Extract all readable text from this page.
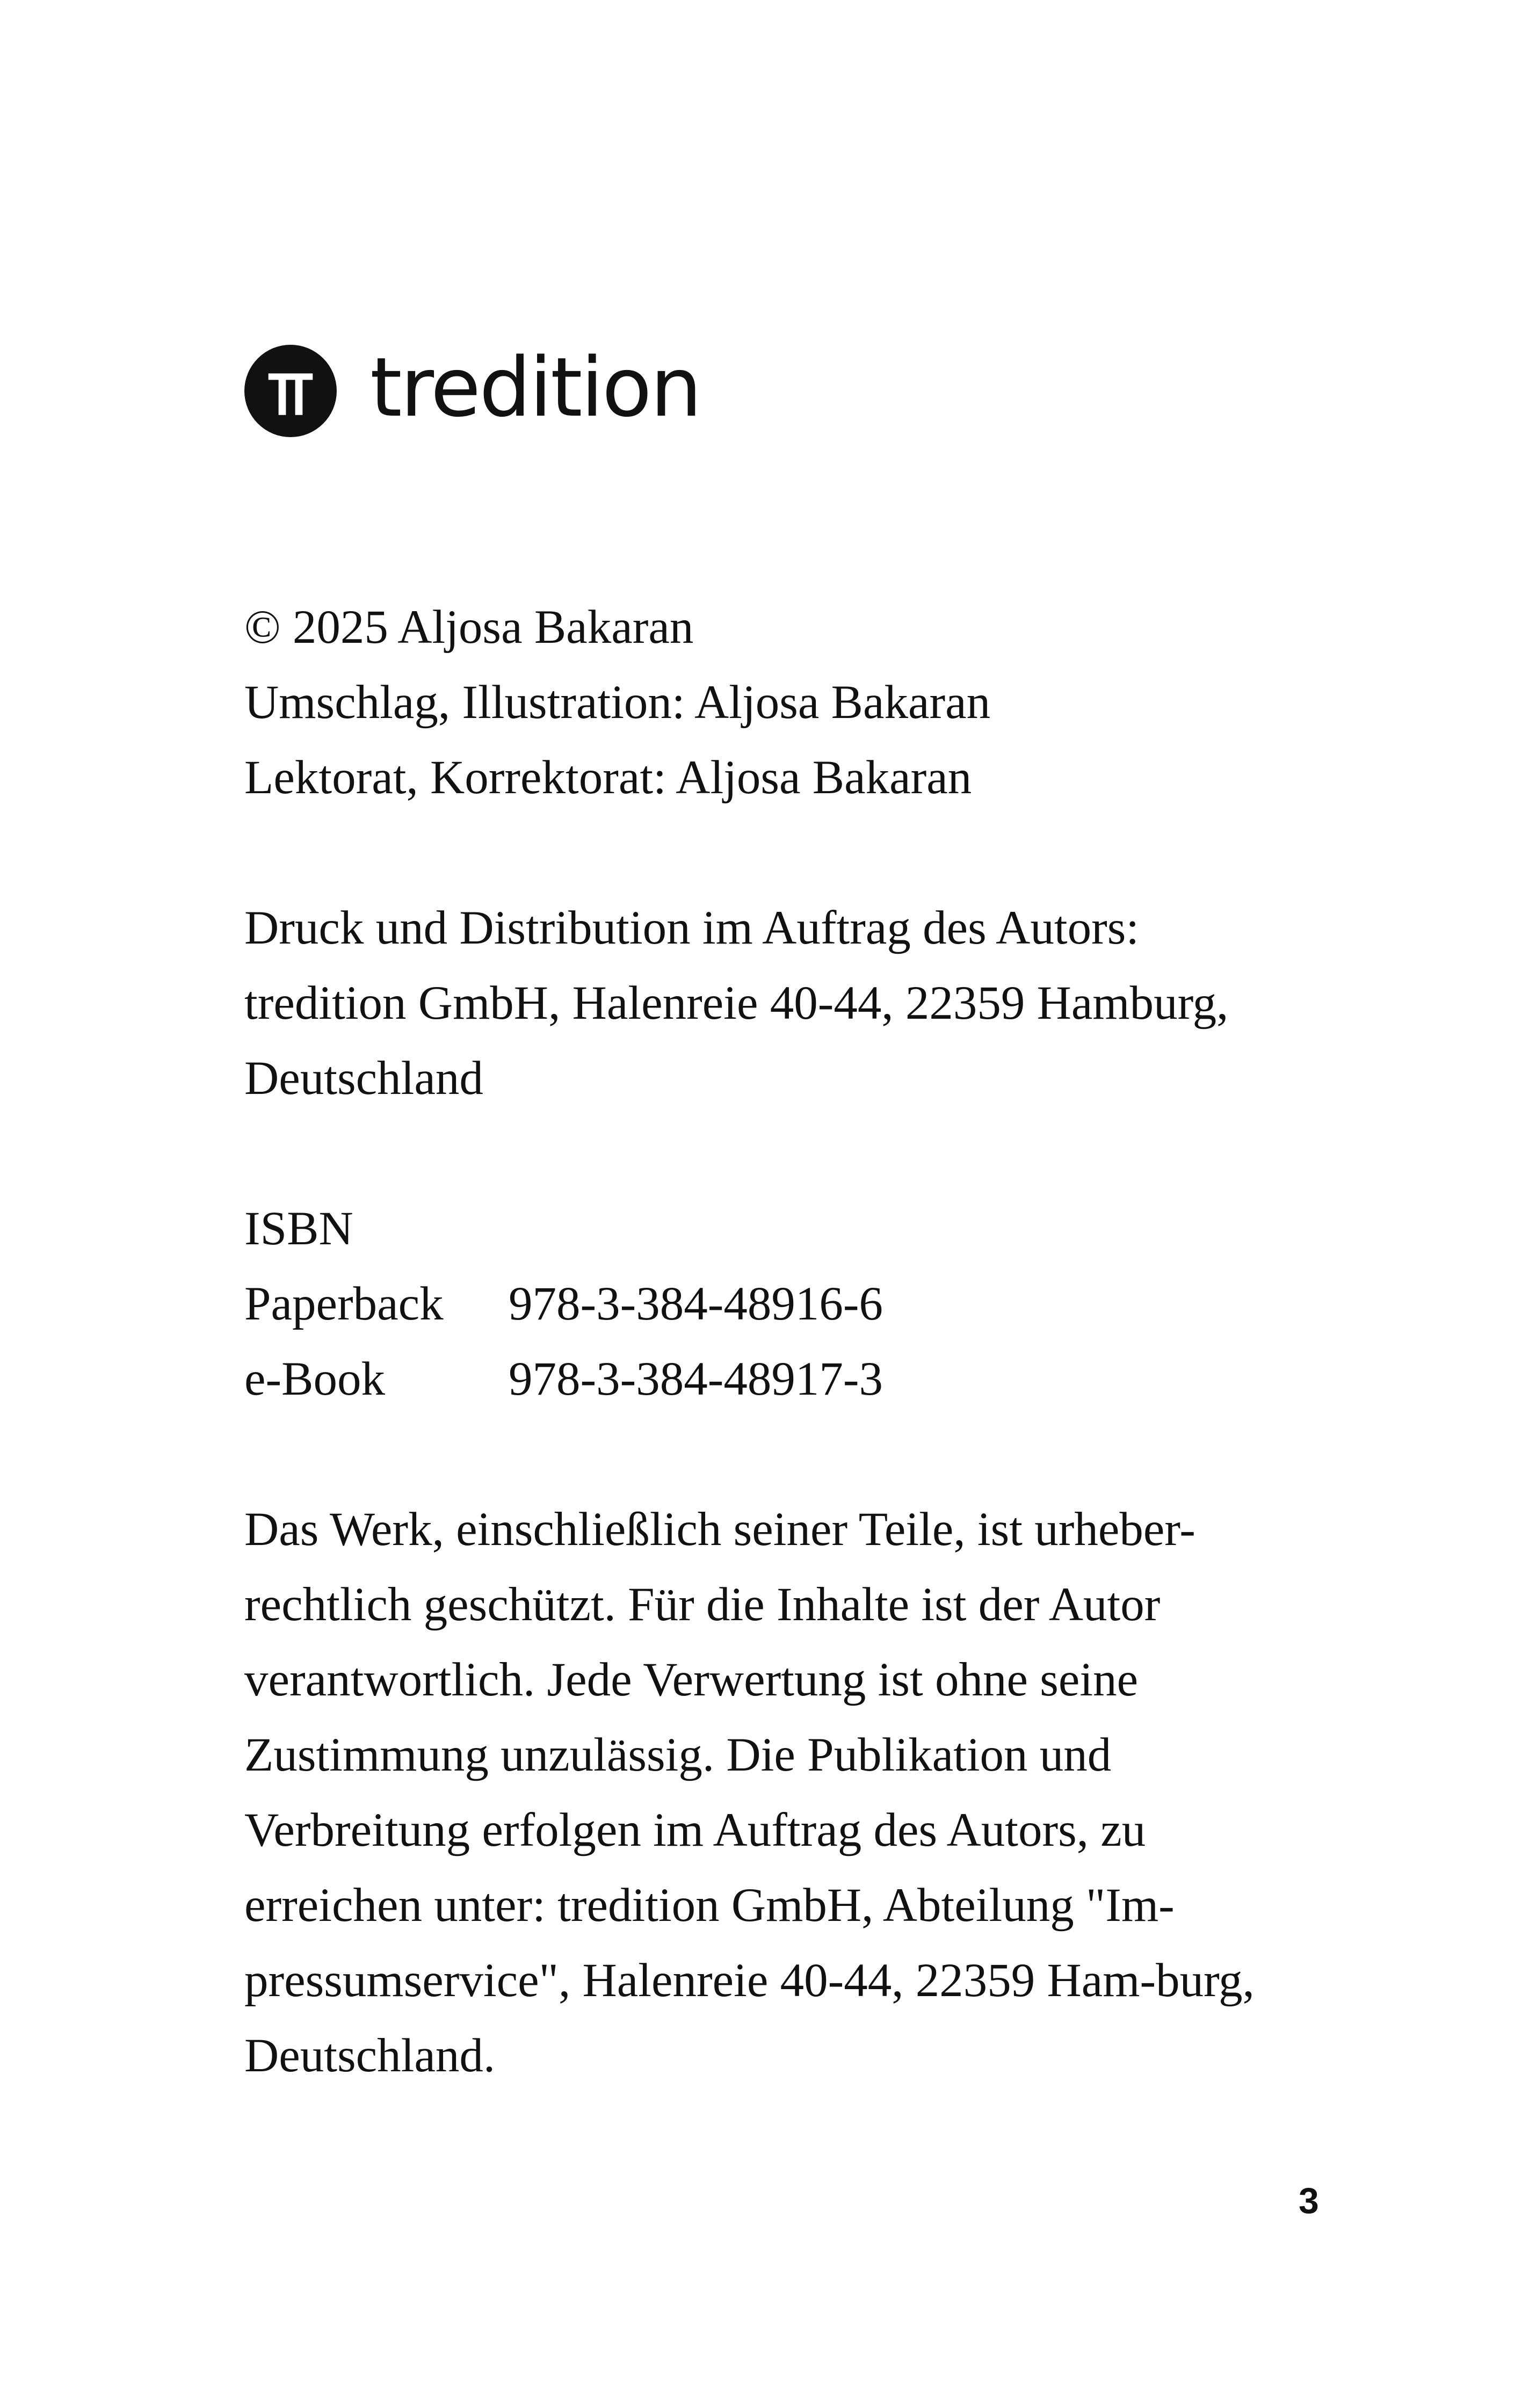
tredition

© 2025 Aljosa Bakaran

Umschlag, Illustration: Aljosa Bakaran

Lektorat, Korrektorat: Aljosa Bakaran

Druck und Distribution im Auftrag des Autors:

tredition GmbH, Halenreie 40-44, 22359 Hamburg,

Deutschland

ISBN

Paperback	978-3-384-48916-6
e-Book	978-3-384-48917-3

Das Werk, einschließlich seiner Teile, ist urheber-

rechtlich geschützt. Für die Inhalte ist der Autor

verantwortlich. Jede Verwertung ist ohne seine

Zustimmung unzulässig. Die Publikation und

Verbreitung erfolgen im Auftrag des Autors, zu

erreichen unter: tredition GmbH, Abteilung "Im-

pressumservice", Halenreie 40-44, 22359 Ham-burg,

Deutschland.

3
